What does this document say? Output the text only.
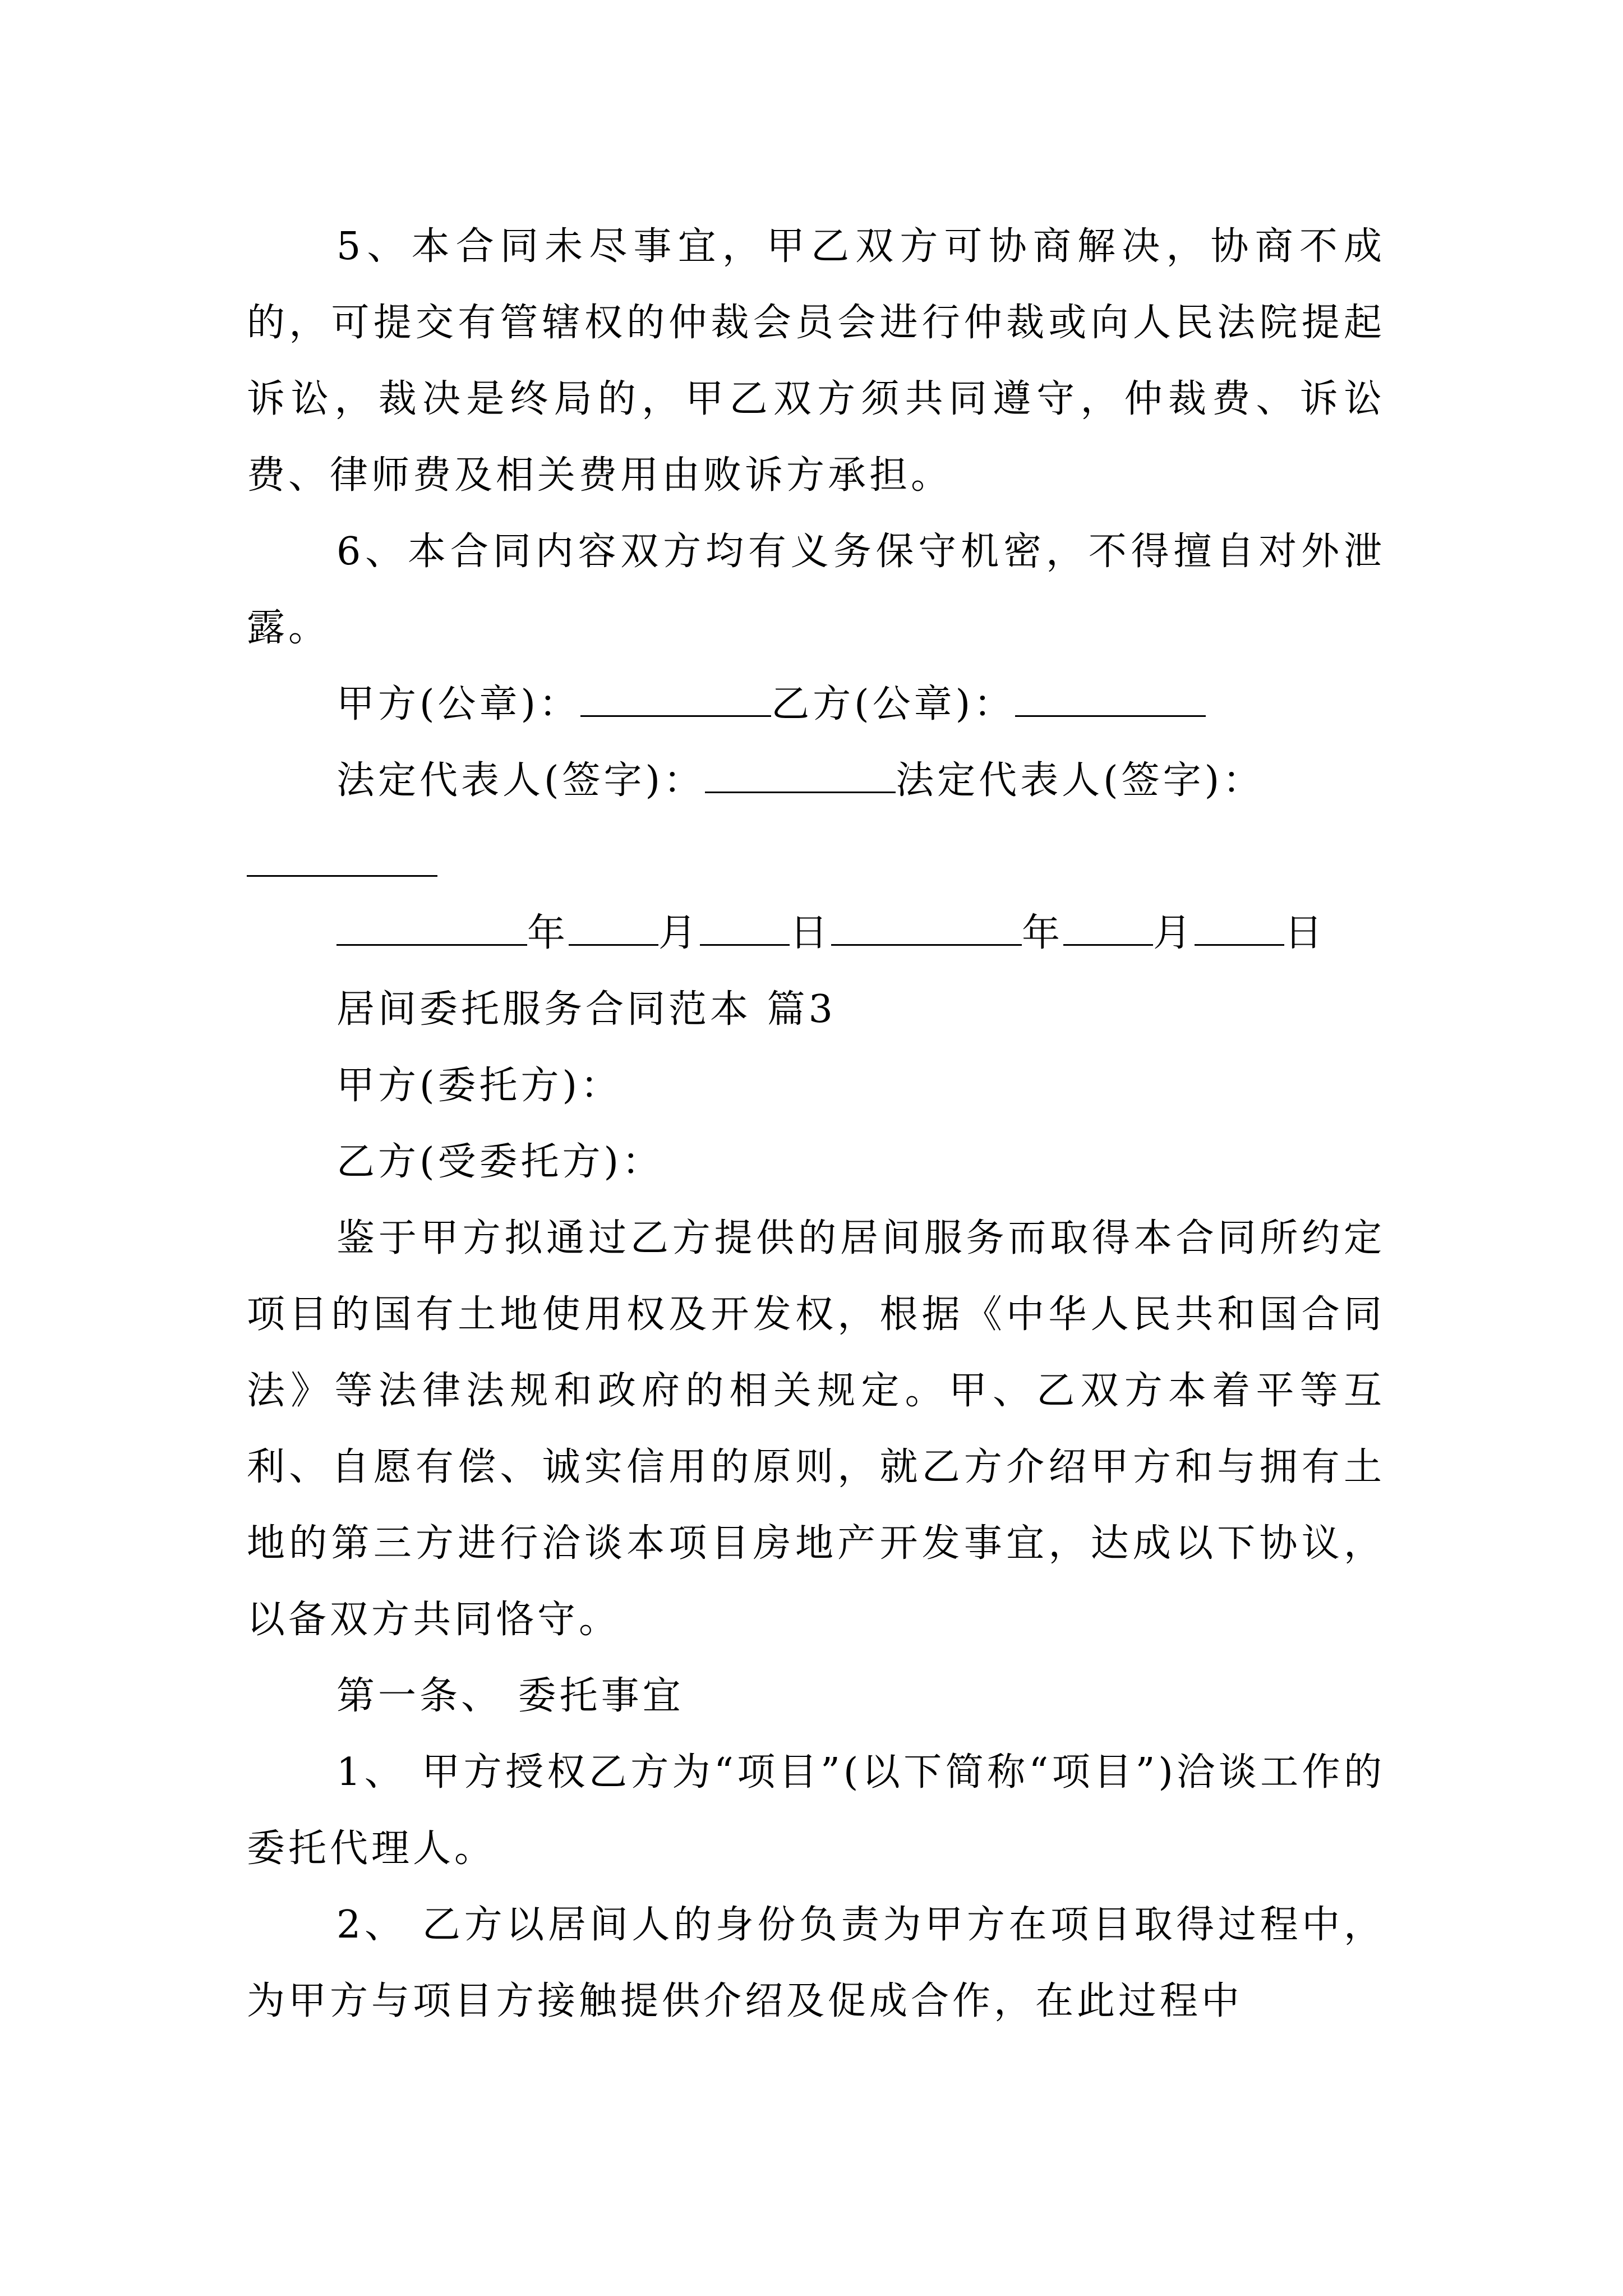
5、本合同未尽事宜，甲乙双方可协商解决，协商不成的，可提交有管辖权的仲裁会员会进行仲裁或向人民法院提起诉讼，裁决是终局的，甲乙双方须共同遵守，仲裁费、诉讼费、律师费及相关费用由败诉方承担。

6、本合同内容双方均有义务保守机密，不得擅自对外泄露。

甲方(公章)：	乙方(公章)：

法定代表人(签字)：	法定代表人(签字)：

年 月 日	年 月 日

居间委托服务合同范本 篇3

甲方(委托方)：

乙方(受委托方)：

鉴于甲方拟通过乙方提供的居间服务而取得本合同所约定项目的国有土地使用权及开发权，根据《中华人民共和国合同法》等法律法规和政府的相关规定。甲、乙双方本着平等互利、自愿有偿、诚实信用的原则，就乙方介绍甲方和与拥有土地的第三方进行洽谈本项目房地产开发事宜，达成以下协议，以备双方共同恪守。

第一条、 委托事宜

1、 甲方授权乙方为“项目”(以下简称“项目”)洽谈工作的委托代理人。

2、 乙方以居间人的身份负责为甲方在项目取得过程中，为甲方与项目方接触提供介绍及促成合作，在此过程中
